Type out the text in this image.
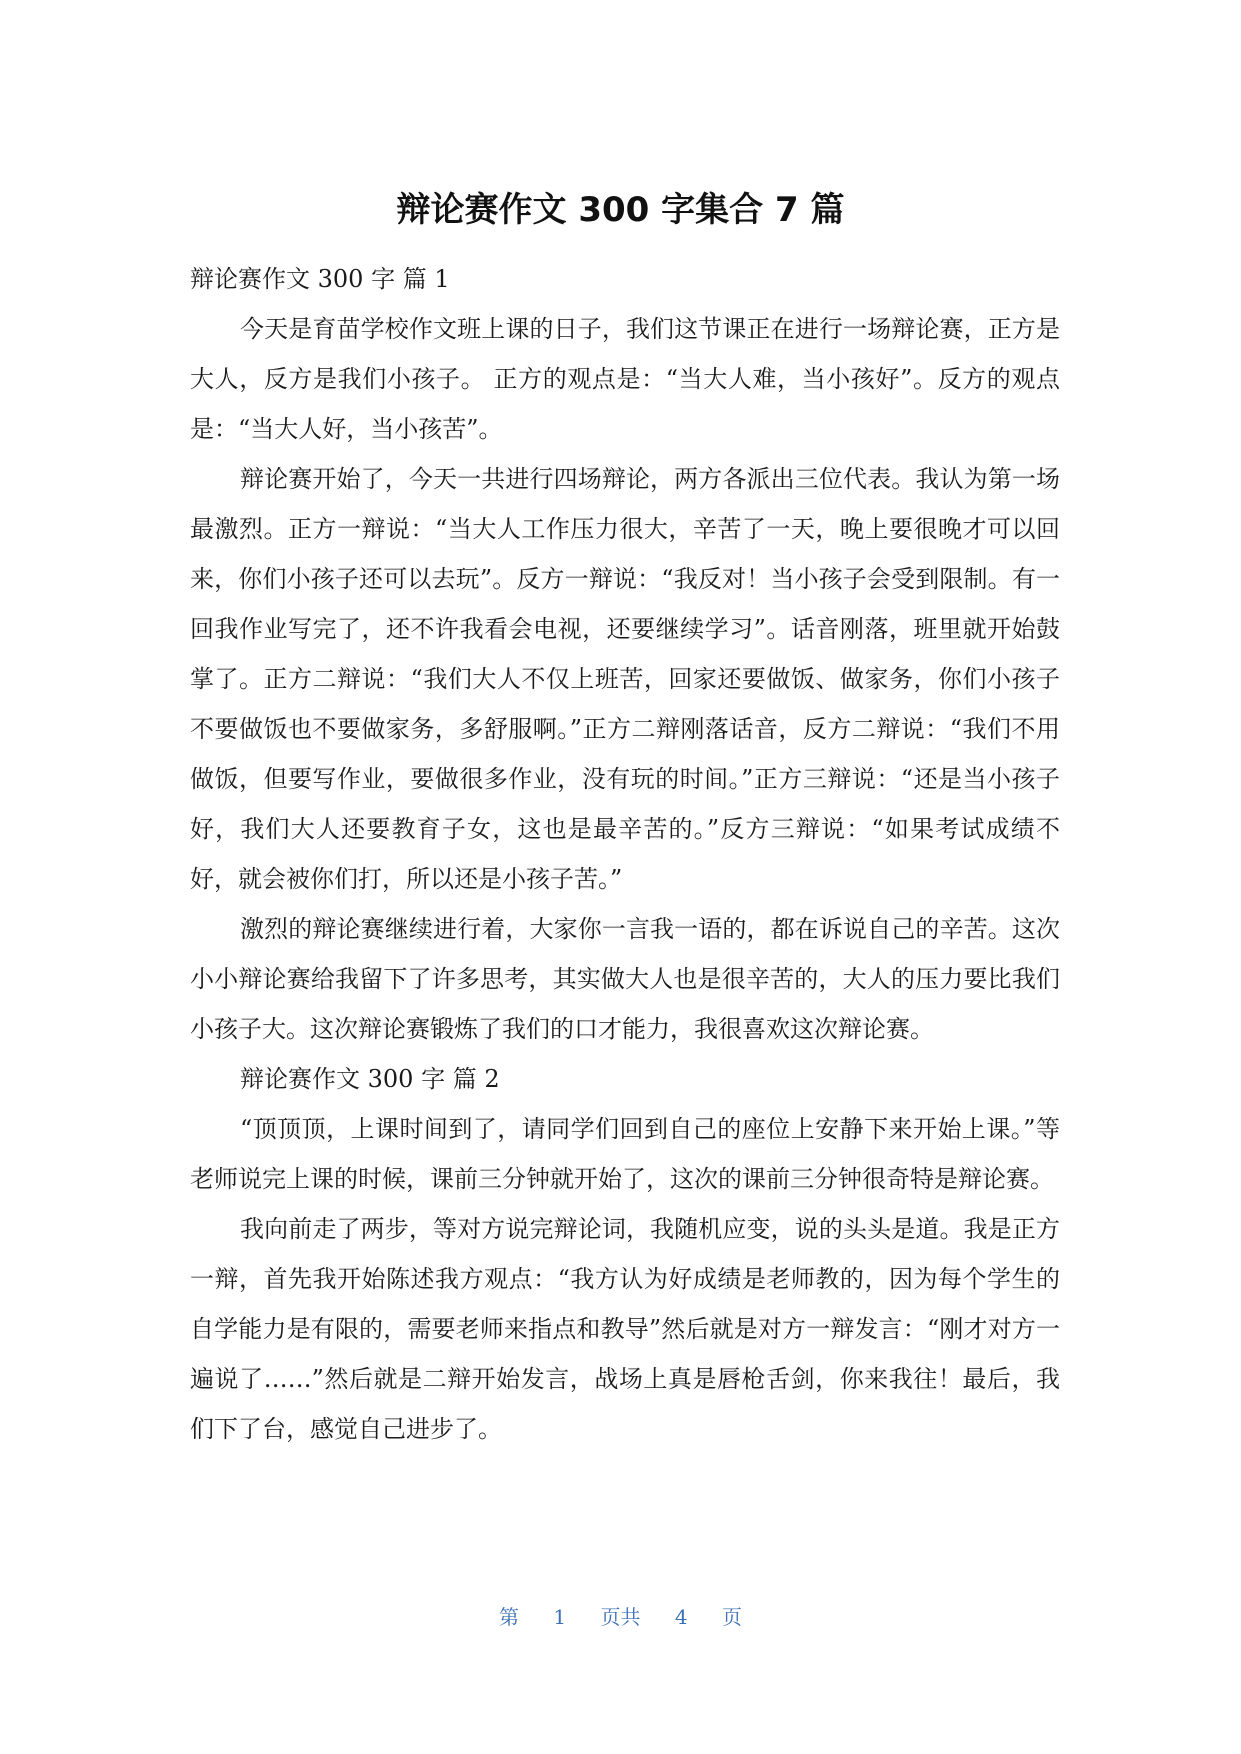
辩论赛作文 300 字集合 7 篇

辩论赛作文 300 字 篇 1

今天是育苗学校作文班上课的日子，我们这节课正在进行一场辩论赛，正方是大人，反方是我们小孩子。 正方的观点是：“当大人难，当小孩好”。反方的观点是：“当大人好，当小孩苦”。

辩论赛开始了，今天一共进行四场辩论，两方各派出三位代表。我认为第一场最激烈。正方一辩说：“当大人工作压力很大，辛苦了一天，晚上要很晚才可以回来，你们小孩子还可以去玩”。反方一辩说：“我反对！当小孩子会受到限制。有一回我作业写完了，还不许我看会电视，还要继续学习”。话音刚落，班里就开始鼓掌了。正方二辩说：“我们大人不仅上班苦，回家还要做饭、做家务，你们小孩子不要做饭也不要做家务，多舒服啊。”正方二辩刚落话音，反方二辩说：“我们不用做饭，但要写作业，要做很多作业，没有玩的时间。”正方三辩说：“还是当小孩子好，我们大人还要教育子女，这也是最辛苦的。”反方三辩说：“如果考试成绩不好，就会被你们打，所以还是小孩子苦。”

激烈的辩论赛继续进行着，大家你一言我一语的，都在诉说自己的辛苦。这次小小辩论赛给我留下了许多思考，其实做大人也是很辛苦的，大人的压力要比我们小孩子大。这次辩论赛锻炼了我们的口才能力，我很喜欢这次辩论赛。

辩论赛作文 300 字 篇 2

“顶顶顶，上课时间到了，请同学们回到自己的座位上安静下来开始上课。”等老师说完上课的时候，课前三分钟就开始了，这次的课前三分钟很奇特是辩论赛。

我向前走了两步，等对方说完辩论词，我随机应变，说的头头是道。我是正方一辩，首先我开始陈述我方观点：“我方认为好成绩是老师教的，因为每个学生的自学能力是有限的，需要老师来指点和教导”然后就是对方一辩发言：“刚才对方一遍说了……”然后就是二辩开始发言，战场上真是唇枪舌剑，你来我往！最后，我们下了台，感觉自己进步了。

第 1 页共 4 页
